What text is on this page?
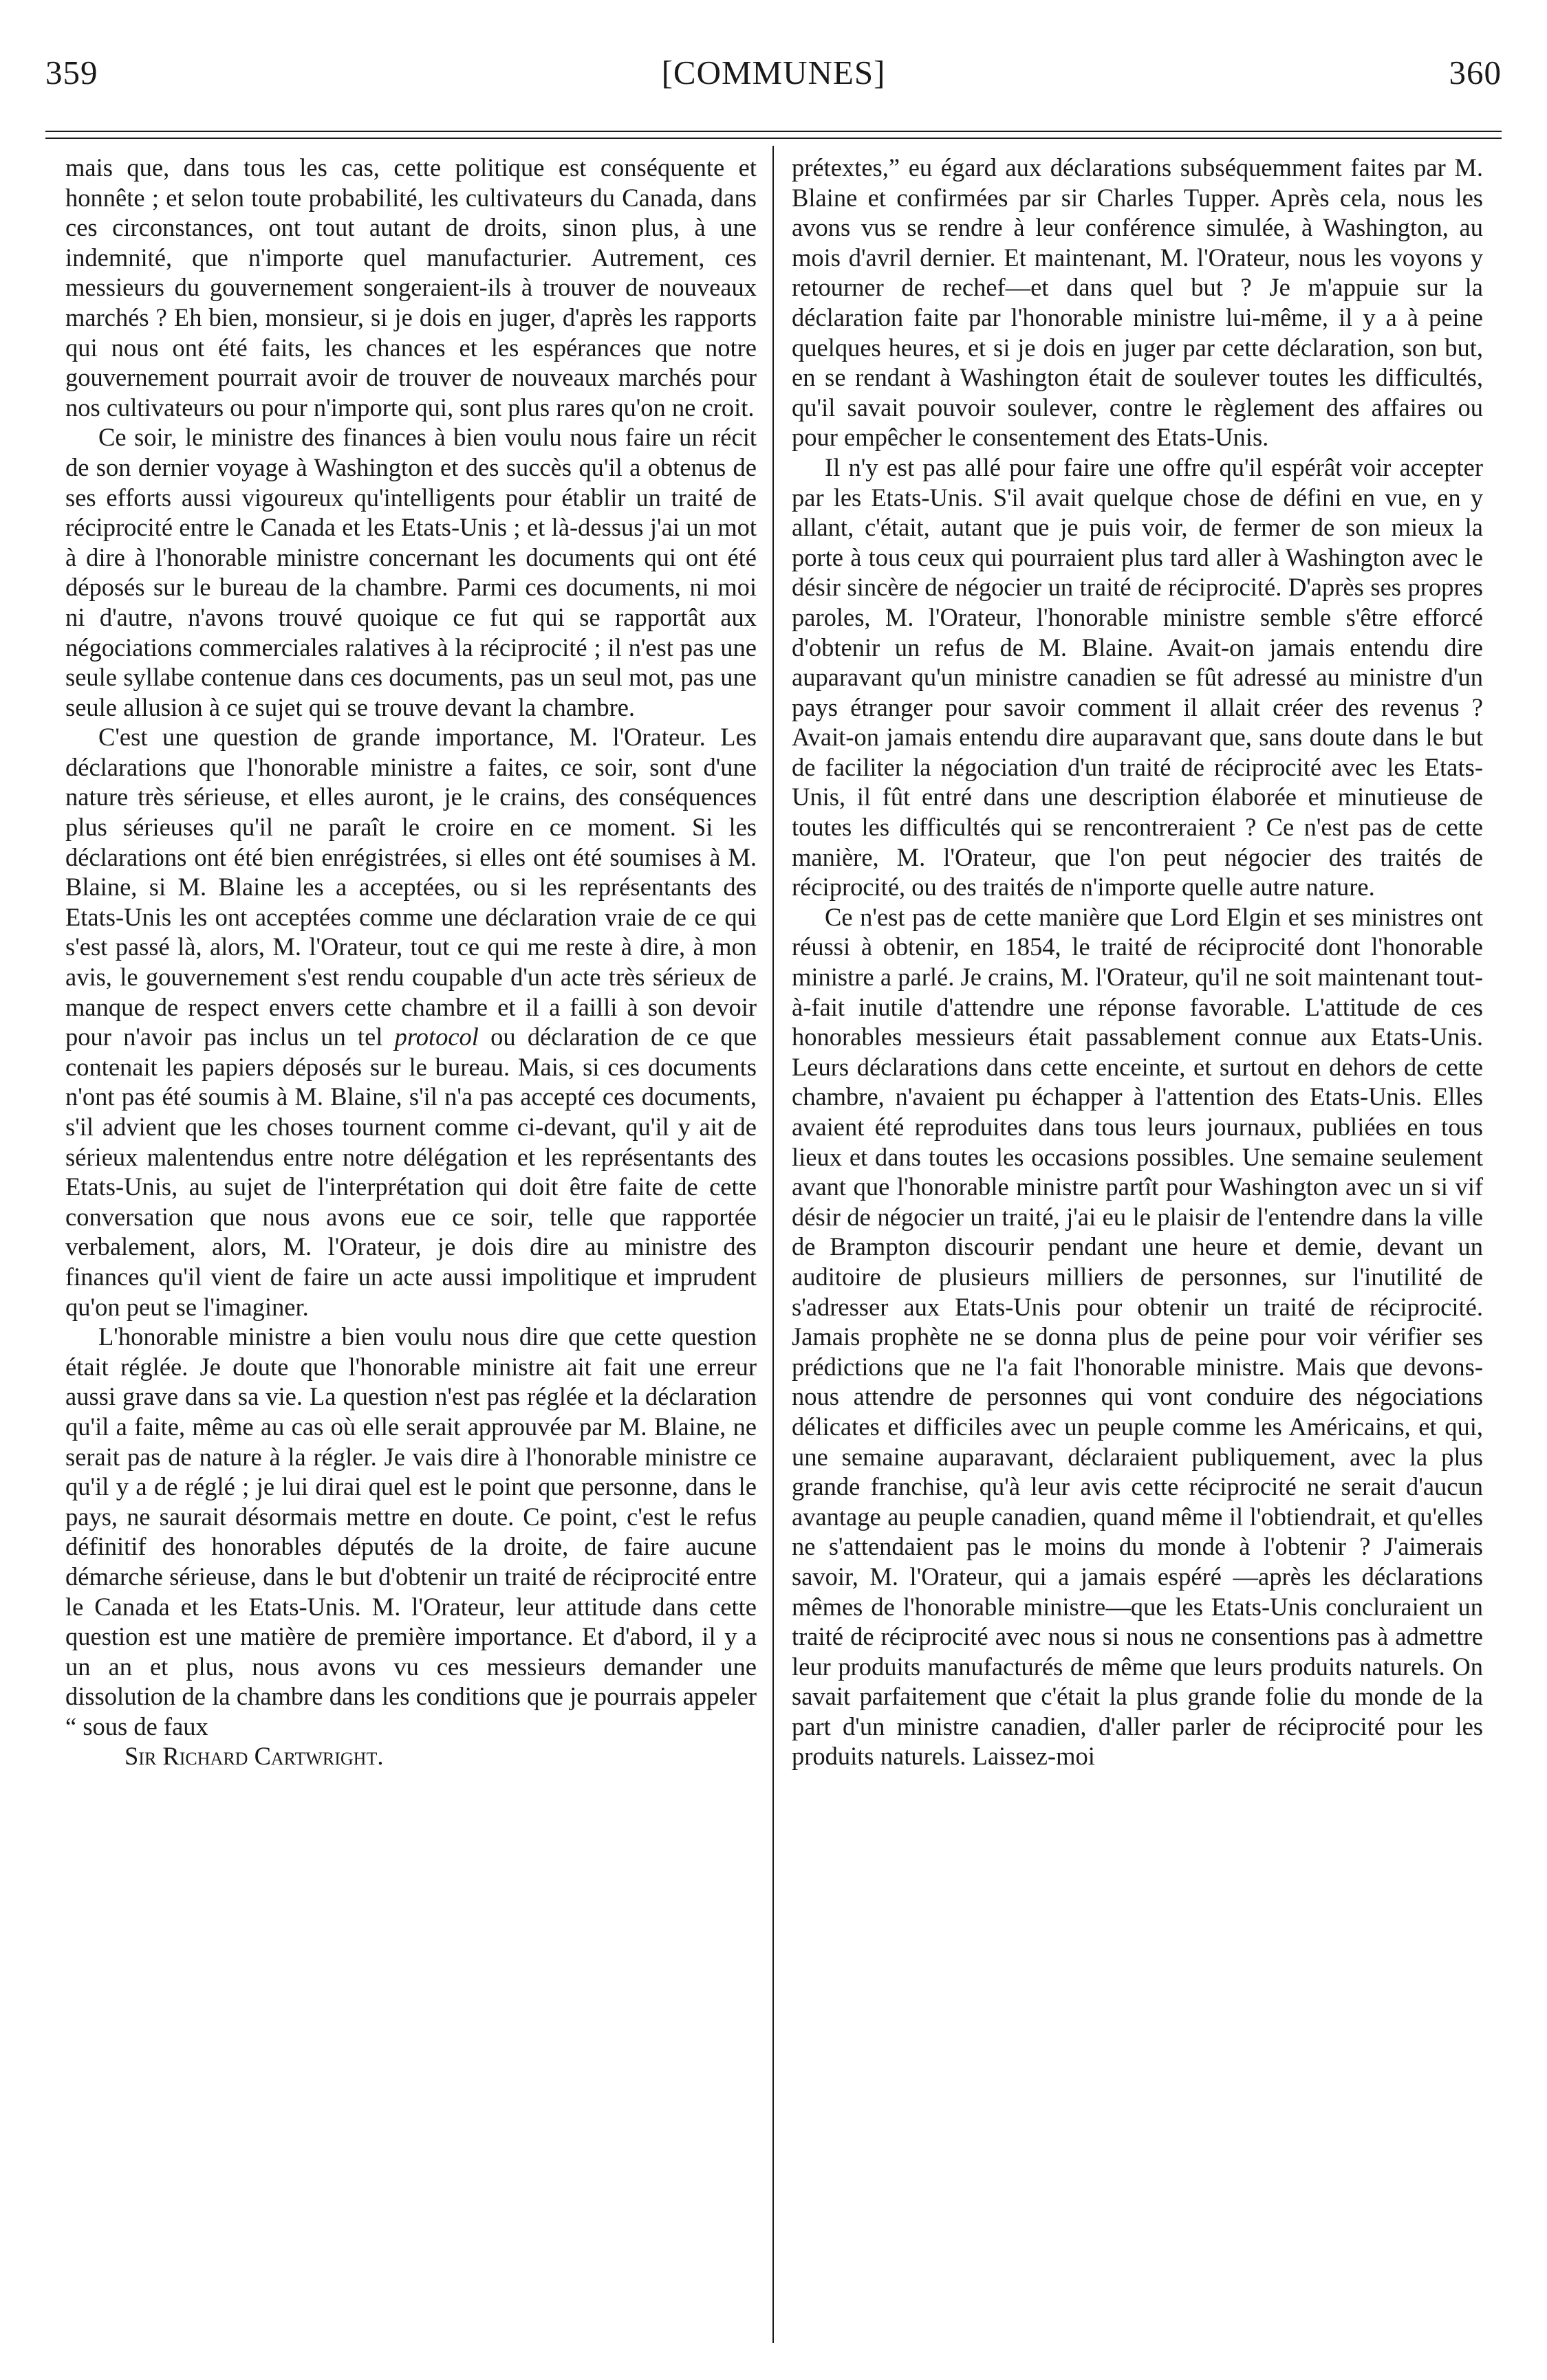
359	[COMMUNES]	360

mais que, dans tous les cas, cette politique est conséquente et honnête ; et selon toute probabilité, les cultivateurs du Canada, dans ces circonstances, ont tout autant de droits, sinon plus, à une indemnité, que n'importe quel manufacturier. Autrement, ces messieurs du gouvernement songeraient-ils à trouver de nouveaux marchés ? Eh bien, monsieur, si je dois en juger, d'après les rapports qui nous ont été faits, les chances et les espérances que notre gouvernement pourrait avoir de trouver de nouveaux marchés pour nos cultivateurs ou pour n'importe qui, sont plus rares qu'on ne croit.

Ce soir, le ministre des finances à bien voulu nous faire un récit de son dernier voyage à Washington et des succès qu'il a obtenus de ses efforts aussi vigoureux qu'intelligents pour établir un traité de réciprocité entre le Canada et les Etats-Unis ; et là-dessus j'ai un mot à dire à l'honorable ministre concernant les documents qui ont été déposés sur le bureau de la chambre. Parmi ces documents, ni moi ni d'autre, n'avons trouvé quoique ce fut qui se rapportât aux négociations commerciales ralatives à la réciprocité ; il n'est pas une seule syllabe contenue dans ces documents, pas un seul mot, pas une seule allusion à ce sujet qui se trouve devant la chambre.

C'est une question de grande importance, M. l'Orateur. Les déclarations que l'honorable ministre a faites, ce soir, sont d'une nature très sérieuse, et elles auront, je le crains, des conséquences plus sérieuses qu'il ne paraît le croire en ce moment. Si les déclarations ont été bien enrégistrées, si elles ont été soumises à M. Blaine, si M. Blaine les a acceptées, ou si les représentants des Etats-Unis les ont acceptées comme une déclaration vraie de ce qui s'est passé là, alors, M. l'Orateur, tout ce qui me reste à dire, à mon avis, le gouvernement s'est rendu coupable d'un acte très sérieux de manque de respect envers cette chambre et il a failli à son devoir pour n'avoir pas inclus un tel protocol ou déclaration de ce que contenait les papiers déposés sur le bureau. Mais, si ces documents n'ont pas été soumis à M. Blaine, s'il n'a pas accepté ces documents, s'il advient que les choses tournent comme ci-devant, qu'il y ait de sérieux malentendus entre notre délégation et les représentants des Etats-Unis, au sujet de l'interprétation qui doit être faite de cette conversation que nous avons eue ce soir, telle que rapportée verbalement, alors, M. l'Orateur, je dois dire au ministre des finances qu'il vient de faire un acte aussi impolitique et imprudent qu'on peut se l'imaginer.

L'honorable ministre a bien voulu nous dire que cette question était réglée. Je doute que l'honorable ministre ait fait une erreur aussi grave dans sa vie. La question n'est pas réglée et la déclaration qu'il a faite, même au cas où elle serait approuvée par M. Blaine, ne serait pas de nature à la régler. Je vais dire à l'honorable ministre ce qu'il y a de réglé ; je lui dirai quel est le point que personne, dans le pays, ne saurait désormais mettre en doute. Ce point, c'est le refus définitif des honorables députés de la droite, de faire aucune démarche sérieuse, dans le but d'obtenir un traité de réciprocité entre le Canada et les Etats-Unis. M. l'Orateur, leur attitude dans cette question est une matière de première importance. Et d'abord, il y a un an et plus, nous avons vu ces messieurs demander une dissolution de la chambre dans les conditions que je pourrais appeler “ sous de faux

Sir Richard Cartwright.

prétextes,” eu égard aux déclarations subséquemment faites par M. Blaine et confirmées par sir Charles Tupper. Après cela, nous les avons vus se rendre à leur conférence simulée, à Washington, au mois d'avril dernier. Et maintenant, M. l'Orateur, nous les voyons y retourner de rechef—et dans quel but ? Je m'appuie sur la déclaration faite par l'honorable ministre lui-même, il y a à peine quelques heures, et si je dois en juger par cette déclaration, son but, en se rendant à Washington était de soulever toutes les difficultés, qu'il savait pouvoir soulever, contre le règlement des affaires ou pour empêcher le consentement des Etats-Unis.

Il n'y est pas allé pour faire une offre qu'il espérât voir accepter par les Etats-Unis. S'il avait quelque chose de défini en vue, en y allant, c'était, autant que je puis voir, de fermer de son mieux la porte à tous ceux qui pourraient plus tard aller à Washington avec le désir sincère de négocier un traité de réciprocité. D'après ses propres paroles, M. l'Orateur, l'honorable ministre semble s'être efforcé d'obtenir un refus de M. Blaine. Avait-on jamais entendu dire auparavant qu'un ministre canadien se fût adressé au ministre d'un pays étranger pour savoir comment il allait créer des revenus ? Avait-on jamais entendu dire auparavant que, sans doute dans le but de faciliter la négociation d'un traité de réciprocité avec les Etats-Unis, il fût entré dans une description élaborée et minutieuse de toutes les difficultés qui se rencontreraient ? Ce n'est pas de cette manière, M. l'Orateur, que l'on peut négocier des traités de réciprocité, ou des traités de n'importe quelle autre nature.

Ce n'est pas de cette manière que Lord Elgin et ses ministres ont réussi à obtenir, en 1854, le traité de réciprocité dont l'honorable ministre a parlé. Je crains, M. l'Orateur, qu'il ne soit maintenant tout-à-fait inutile d'attendre une réponse favorable. L'attitude de ces honorables messieurs était passablement connue aux Etats-Unis. Leurs déclarations dans cette enceinte, et surtout en dehors de cette chambre, n'avaient pu échapper à l'attention des Etats-Unis. Elles avaient été reproduites dans tous leurs journaux, publiées en tous lieux et dans toutes les occasions possibles. Une semaine seulement avant que l'honorable ministre partît pour Washington avec un si vif désir de négocier un traité, j'ai eu le plaisir de l'entendre dans la ville de Brampton discourir pendant une heure et demie, devant un auditoire de plusieurs milliers de personnes, sur l'inutilité de s'adresser aux Etats-Unis pour obtenir un traité de réciprocité. Jamais prophète ne se donna plus de peine pour voir vérifier ses prédictions que ne l'a fait l'honorable ministre. Mais que devons-nous attendre de personnes qui vont conduire des négociations délicates et difficiles avec un peuple comme les Américains, et qui, une semaine auparavant, déclaraient publiquement, avec la plus grande franchise, qu'à leur avis cette réciprocité ne serait d'aucun avantage au peuple canadien, quand même il l'obtiendrait, et qu'elles ne s'attendaient pas le moins du monde à l'obtenir ? J'aimerais savoir, M. l'Orateur, qui a jamais espéré —après les déclarations mêmes de l'honorable ministre—que les Etats-Unis concluraient un traité de réciprocité avec nous si nous ne consentions pas à admettre leur produits manufacturés de même que leurs produits naturels. On savait parfaitement que c'était la plus grande folie du monde de la part d'un ministre canadien, d'aller parler de réciprocité pour les produits naturels. Laissez-moi
